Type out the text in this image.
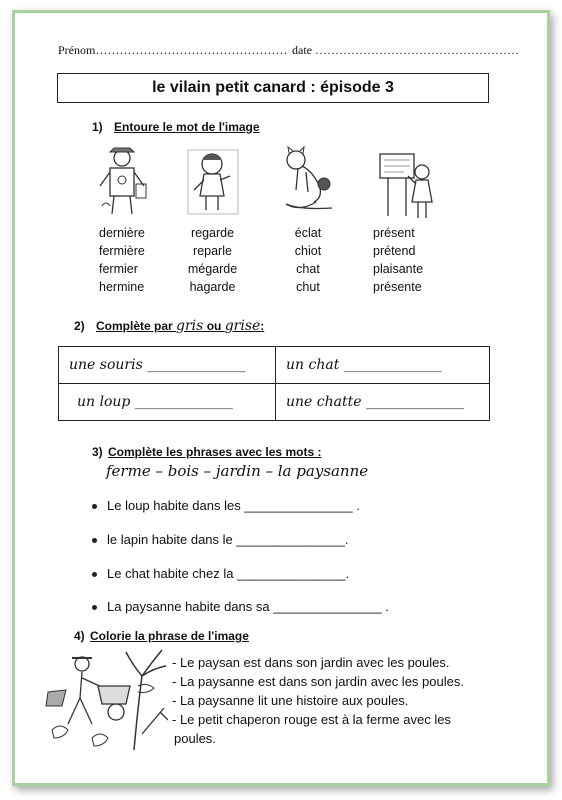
Prénom………………………………………… date ……………………………………………
le vilain petit canard : épisode 3
1) Entoure le mot de l'image
dernière
fermière
fermier
hermine
regarde
reparle
mégarde
hagarde
éclat
chiot
chat
chut
présent
prétend
plaisante
présente
2) Complète par gris ou grise:
une souris ______________	un chat ______________
un loup ______________	une chatte ______________
3) Complète les phrases avec les mots :
ferme – bois – jardin – la paysanne
Le loup habite dans les _______________ .
le lapin habite dans le _______________.
Le chat habite chez la _______________.
La paysanne habite dans sa _______________ .
4) Colorie la phrase de l'image
- Le paysan est dans son jardin avec les poules.
- La paysanne est dans son jardin avec les poules.
- La paysanne lit une histoire aux poules.
- Le petit chaperon rouge est à la ferme avec les
poules.
